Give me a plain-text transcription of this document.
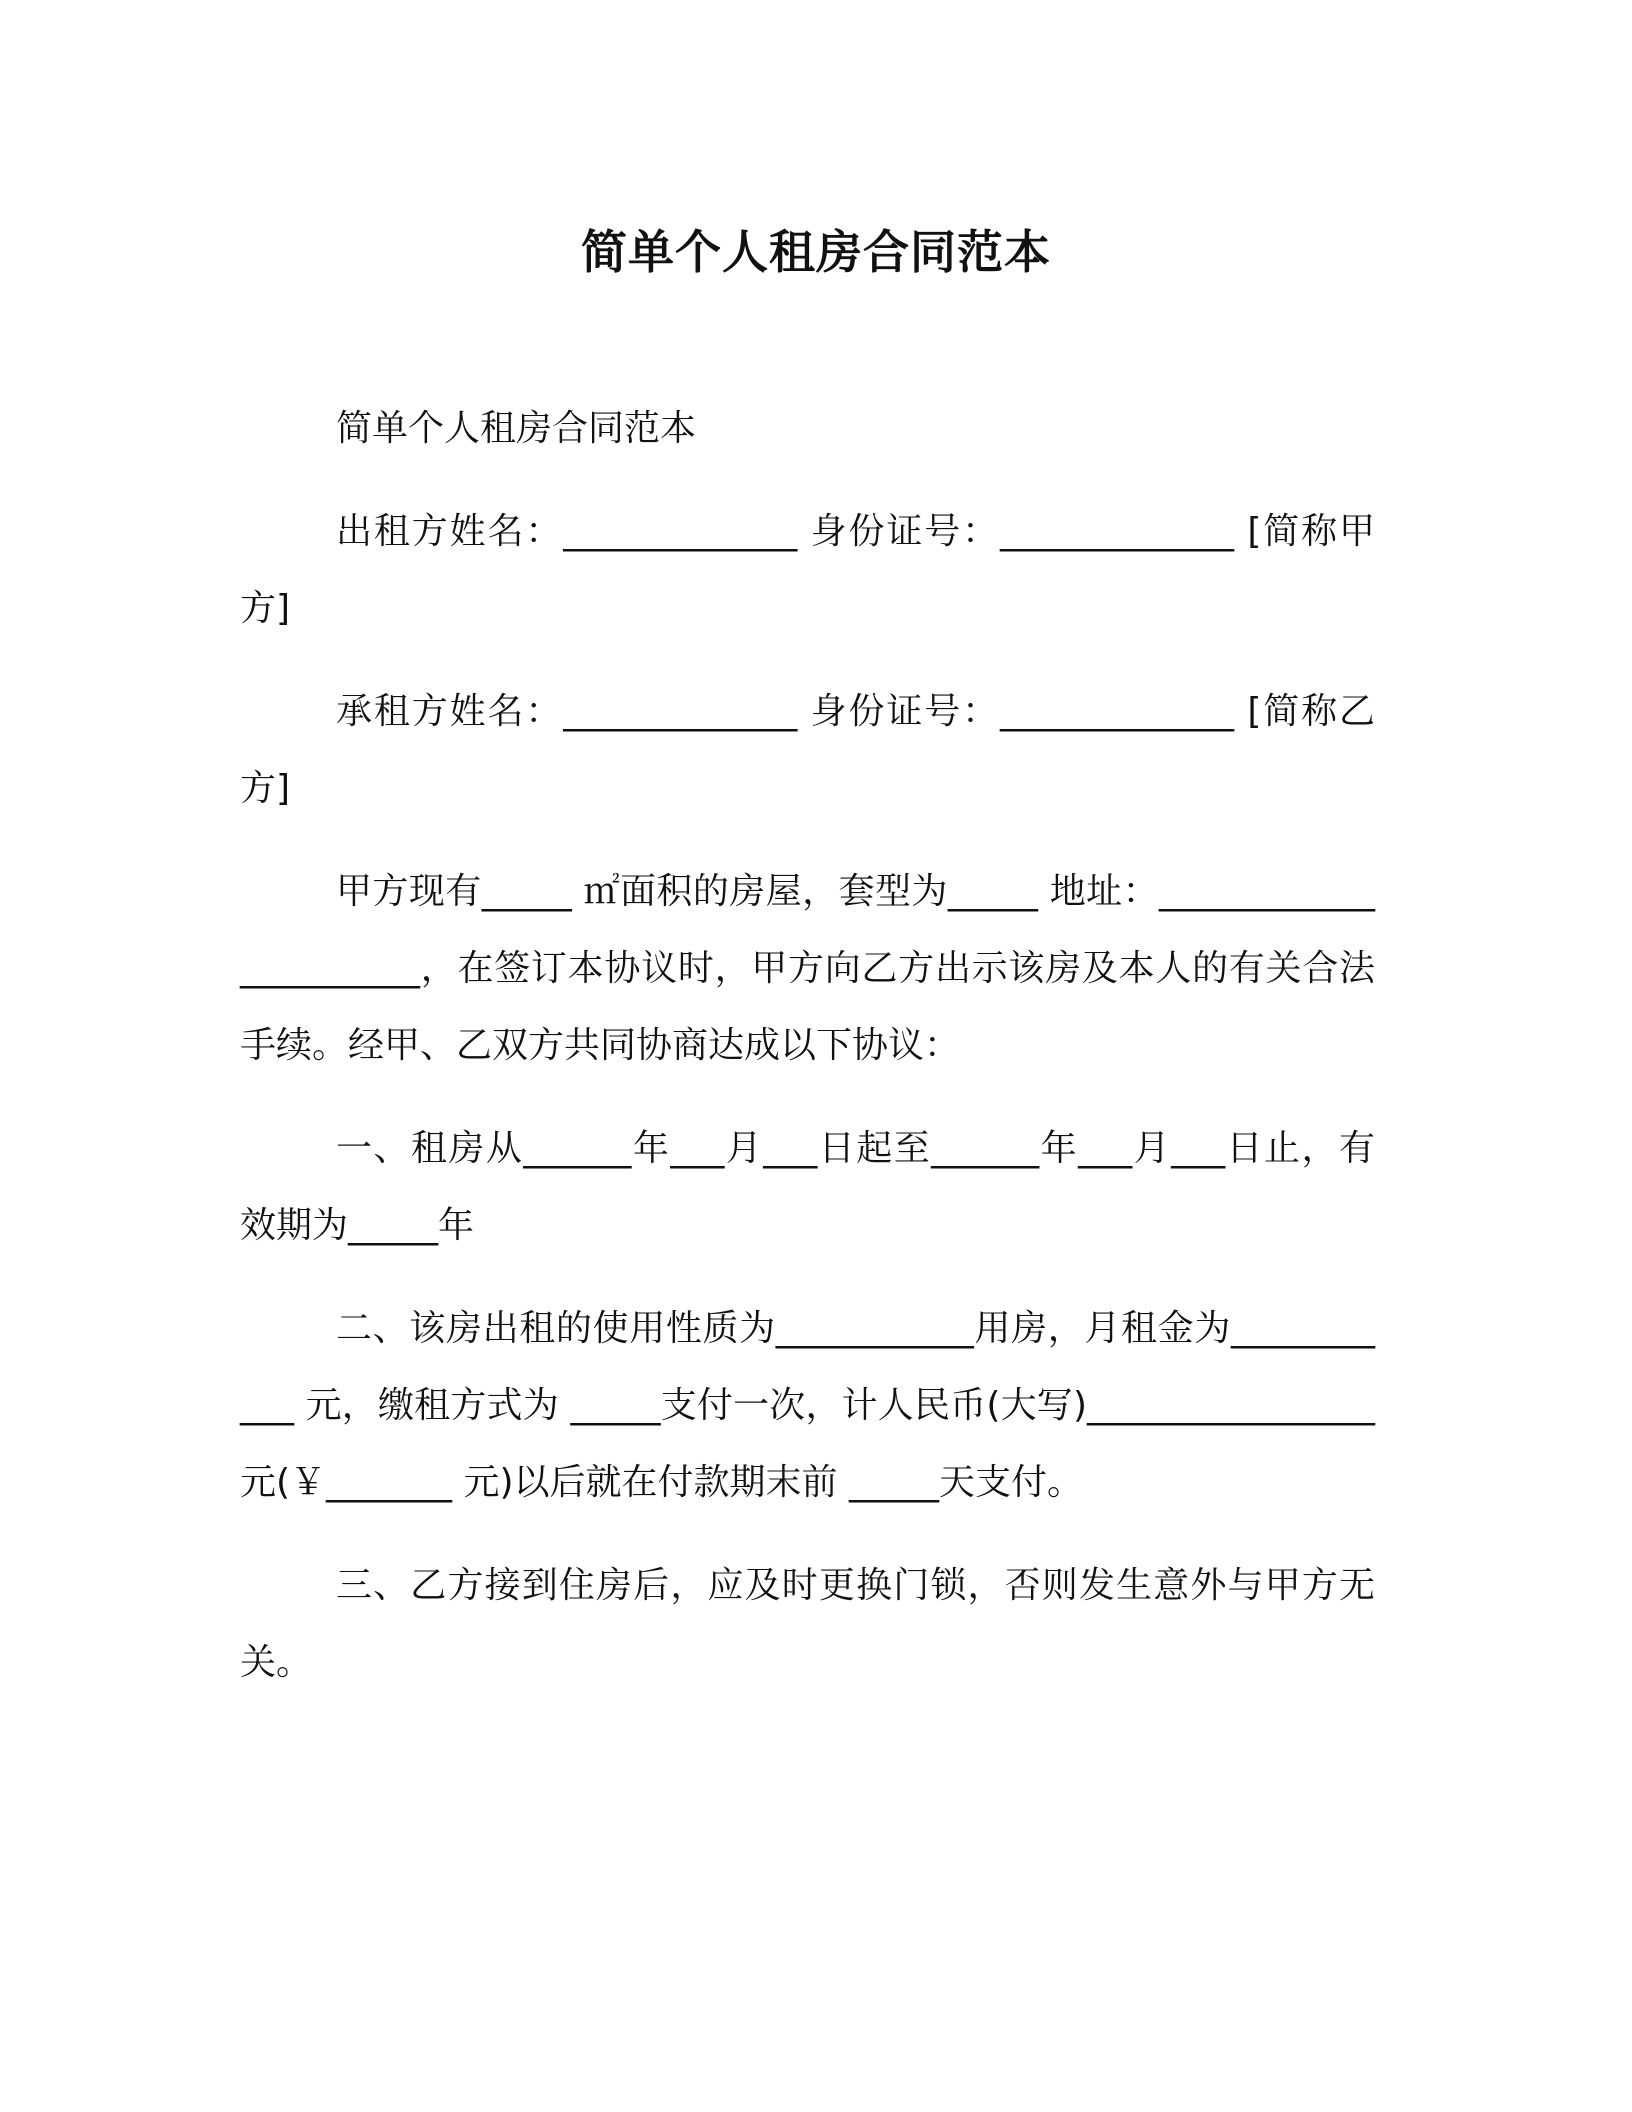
简单个人租房合同范本

简单个人租房合同范本

出租方姓名：_____________ 身份证号：_____________ [简称甲方]

承租方姓名：_____________ 身份证号：_____________ [简称乙方]

甲方现有_____ ㎡面积的房屋，套型为_____ 地址：______________________，在签订本协议时，甲方向乙方出示该房及本人的有关合法手续。经甲、乙双方共同协商达成以下协议：

一、租房从______年___月___日起至______年___月___日止，有效期为_____年

二、该房出租的使用性质为___________用房，月租金为___________ 元，缴租方式为 _____支付一次，计人民币(大写)________________元(￥_______ 元)以后就在付款期末前 _____天支付。

三、乙方接到住房后，应及时更换门锁，否则发生意外与甲方无关。
